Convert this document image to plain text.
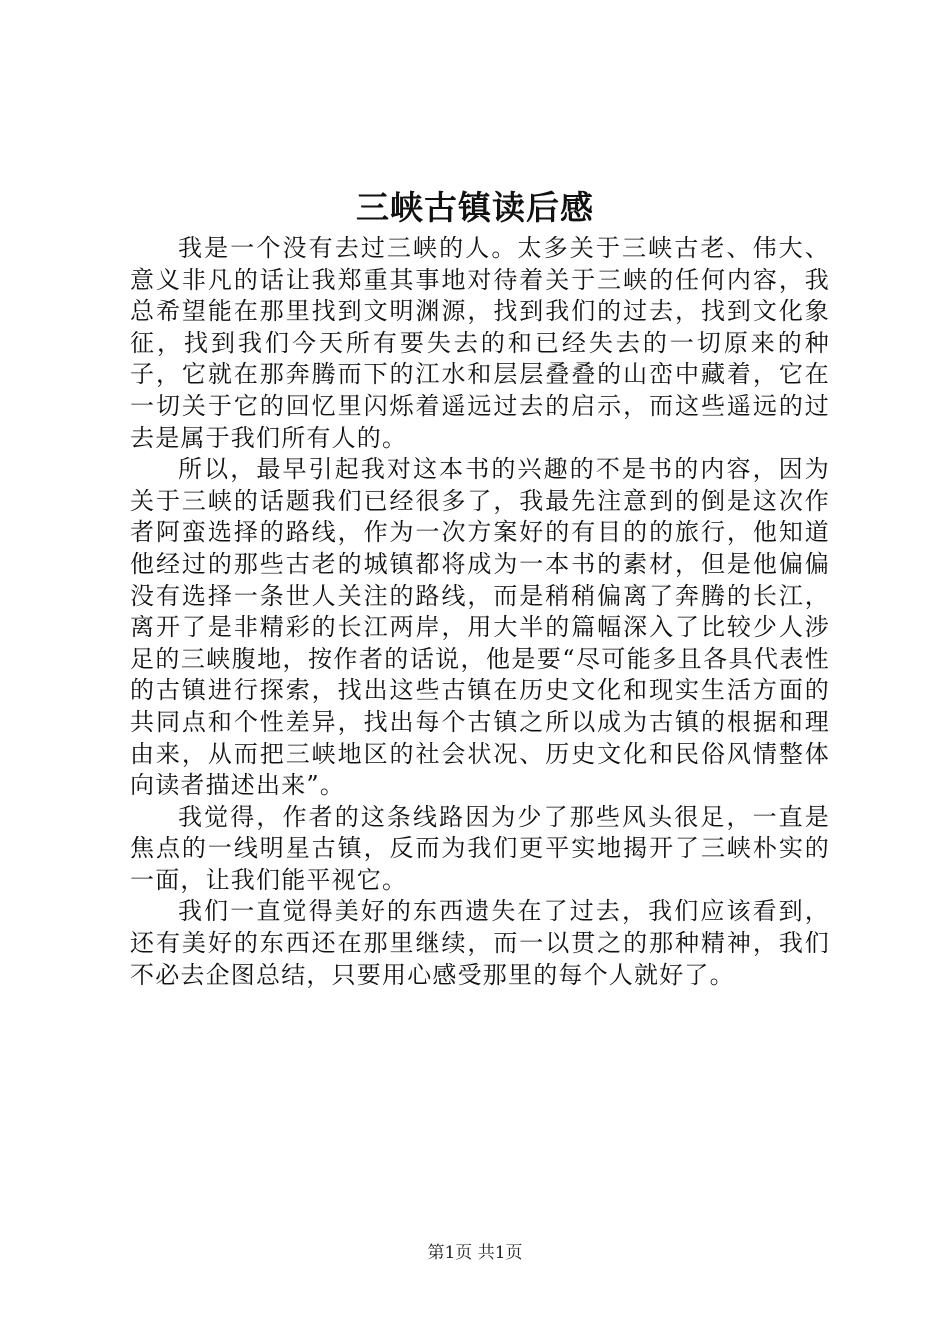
三峡古镇读后感

我是一个没有去过三峡的人。太多关于三峡古老、伟大、意义非凡的话让我郑重其事地对待着关于三峡的任何内容，我总希望能在那里找到文明渊源，找到我们的过去，找到文化象征，找到我们今天所有要失去的和已经失去的一切原来的种子，它就在那奔腾而下的江水和层层叠叠的山峦中藏着，它在一切关于它的回忆里闪烁着遥远过去的启示，而这些遥远的过去是属于我们所有人的。

所以，最早引起我对这本书的兴趣的不是书的内容，因为关于三峡的话题我们已经很多了，我最先注意到的倒是这次作者阿蛮选择的路线，作为一次方案好的有目的的旅行，他知道他经过的那些古老的城镇都将成为一本书的素材，但是他偏偏没有选择一条世人关注的路线，而是稍稍偏离了奔腾的长江，离开了是非精彩的长江两岸，用大半的篇幅深入了比较少人涉足的三峡腹地，按作者的话说，他是要“尽可能多且各具代表性的古镇进行探索，找出这些古镇在历史文化和现实生活方面的共同点和个性差异，找出每个古镇之所以成为古镇的根据和理由来，从而把三峡地区的社会状况、历史文化和民俗风情整体向读者描述出来”。

我觉得，作者的这条线路因为少了那些风头很足，一直是焦点的一线明星古镇，反而为我们更平实地揭开了三峡朴实的一面，让我们能平视它。

我们一直觉得美好的东西遗失在了过去，我们应该看到，还有美好的东西还在那里继续，而一以贯之的那种精神，我们不必去企图总结，只要用心感受那里的每个人就好了。

第1页 共1页
